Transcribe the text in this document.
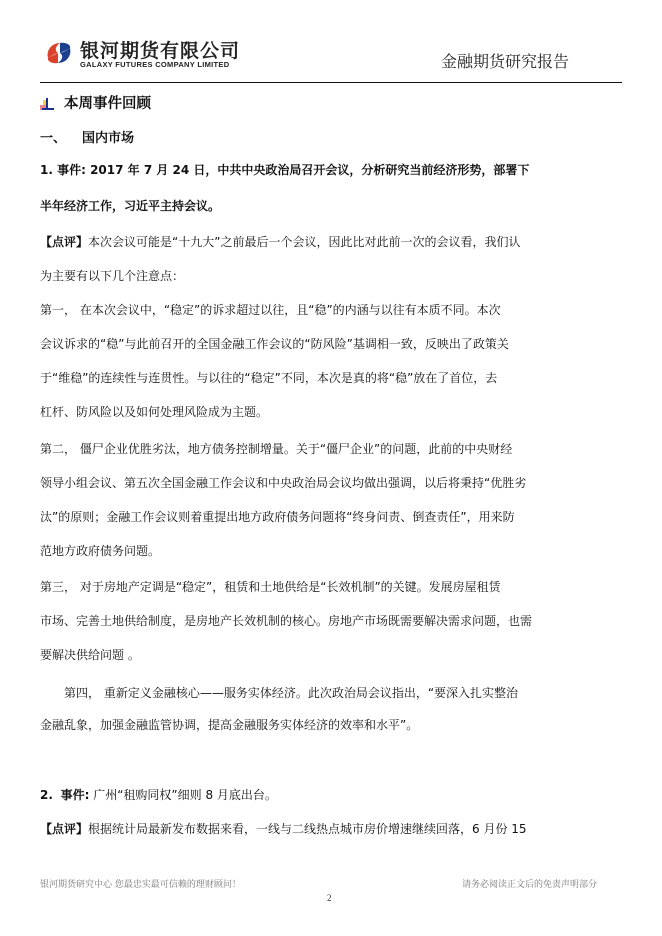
银河期货有限公司
GALAXY FUTURES COMPANY LIMITED	金融期货研究报告
本周事件回顾
一、 国内市场
1. 事件: 2017 年 7 月 24 日，中共中央政治局召开会议，分析研究当前经济形势，部署下
半年经济工作，习近平主持会议。
【点评】本次会议可能是“十九大”之前最后一个会议，因此比对此前一次的会议看，我们认
为主要有以下几个注意点：
第一， 在本次会议中，“稳定”的诉求超过以往，且“稳”的内涵与以往有本质不同。本次
会议诉求的“稳”与此前召开的全国金融工作会议的“防风险”基调相一致，反映出了政策关
于“维稳”的连续性与连贯性。与以往的“稳定”不同，本次是真的将“稳”放在了首位，去
杠杆、防风险以及如何处理风险成为主题。
第二， 僵尸企业优胜劣汰，地方债务控制增量。关于“僵尸企业”的问题，此前的中央财经
领导小组会议、第五次全国金融工作会议和中央政治局会议均做出强调，以后将秉持“优胜劣
汰”的原则；金融工作会议则着重提出地方政府债务问题将“终身问责、倒查责任”，用来防
范地方政府债务问题。
第三， 对于房地产定调是“稳定”，租赁和土地供给是“长效机制”的关键。发展房屋租赁
市场、完善土地供给制度，是房地产长效机制的核心。房地产市场既需要解决需求问题，也需
要解决供给问题 。
第四， 重新定义金融核心——服务实体经济。此次政治局会议指出，“要深入扎实整治
金融乱象，加强金融监管协调，提高金融服务实体经济的效率和水平”。
2. 事件: 广州“租购同权”细则 8 月底出台。
【点评】根据统计局最新发布数据来看，一线与二线热点城市房价增速继续回落，6 月份 15
银河期货研究中心 您最忠实最可信赖的理财顾问！	请务必阅读正文后的免责声明部分
2
